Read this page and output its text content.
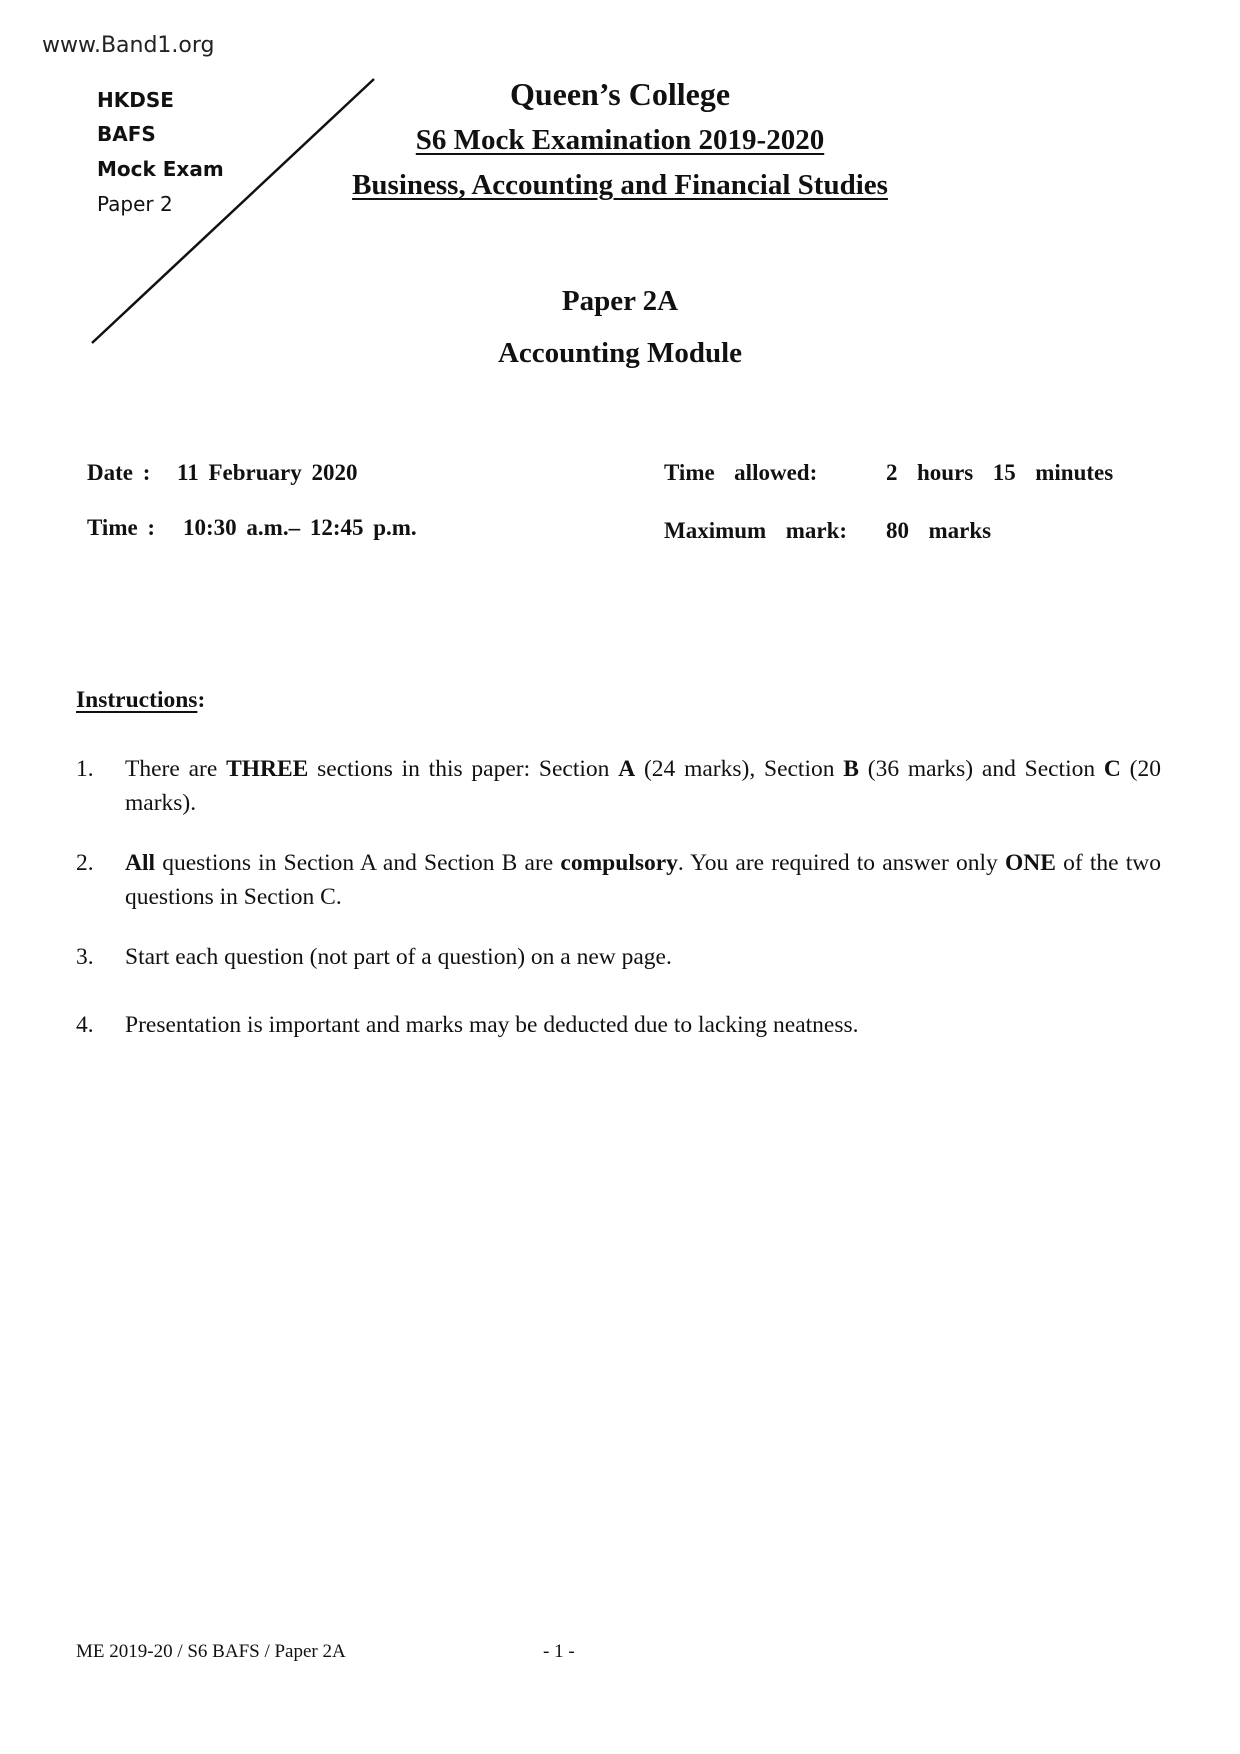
www.Band1.org
HKDSE
BAFS
Mock Exam
Paper 2
Queen’s College
S6 Mock Examination 2019-2020
Business, Accounting and Financial Studies
Paper 2A
Accounting Module
Date : 11 February 2020
Time : 10:30 a.m.– 12:45 p.m.
Time  allowed:	2  hours  15  minutes
Maximum  mark: 80  marks
Instructions:
1. There are THREE sections in this paper: Section A (24 marks), Section B (36 marks) and Section C (20 marks).
2. All questions in Section A and Section B are compulsory. You are required to answer only ONE of the two questions in Section C.
3. Start each question (not part of a question) on a new page.
4. Presentation is important and marks may be deducted due to lacking neatness.
ME 2019-20 / S6 BAFS / Paper 2A	- 1 -
